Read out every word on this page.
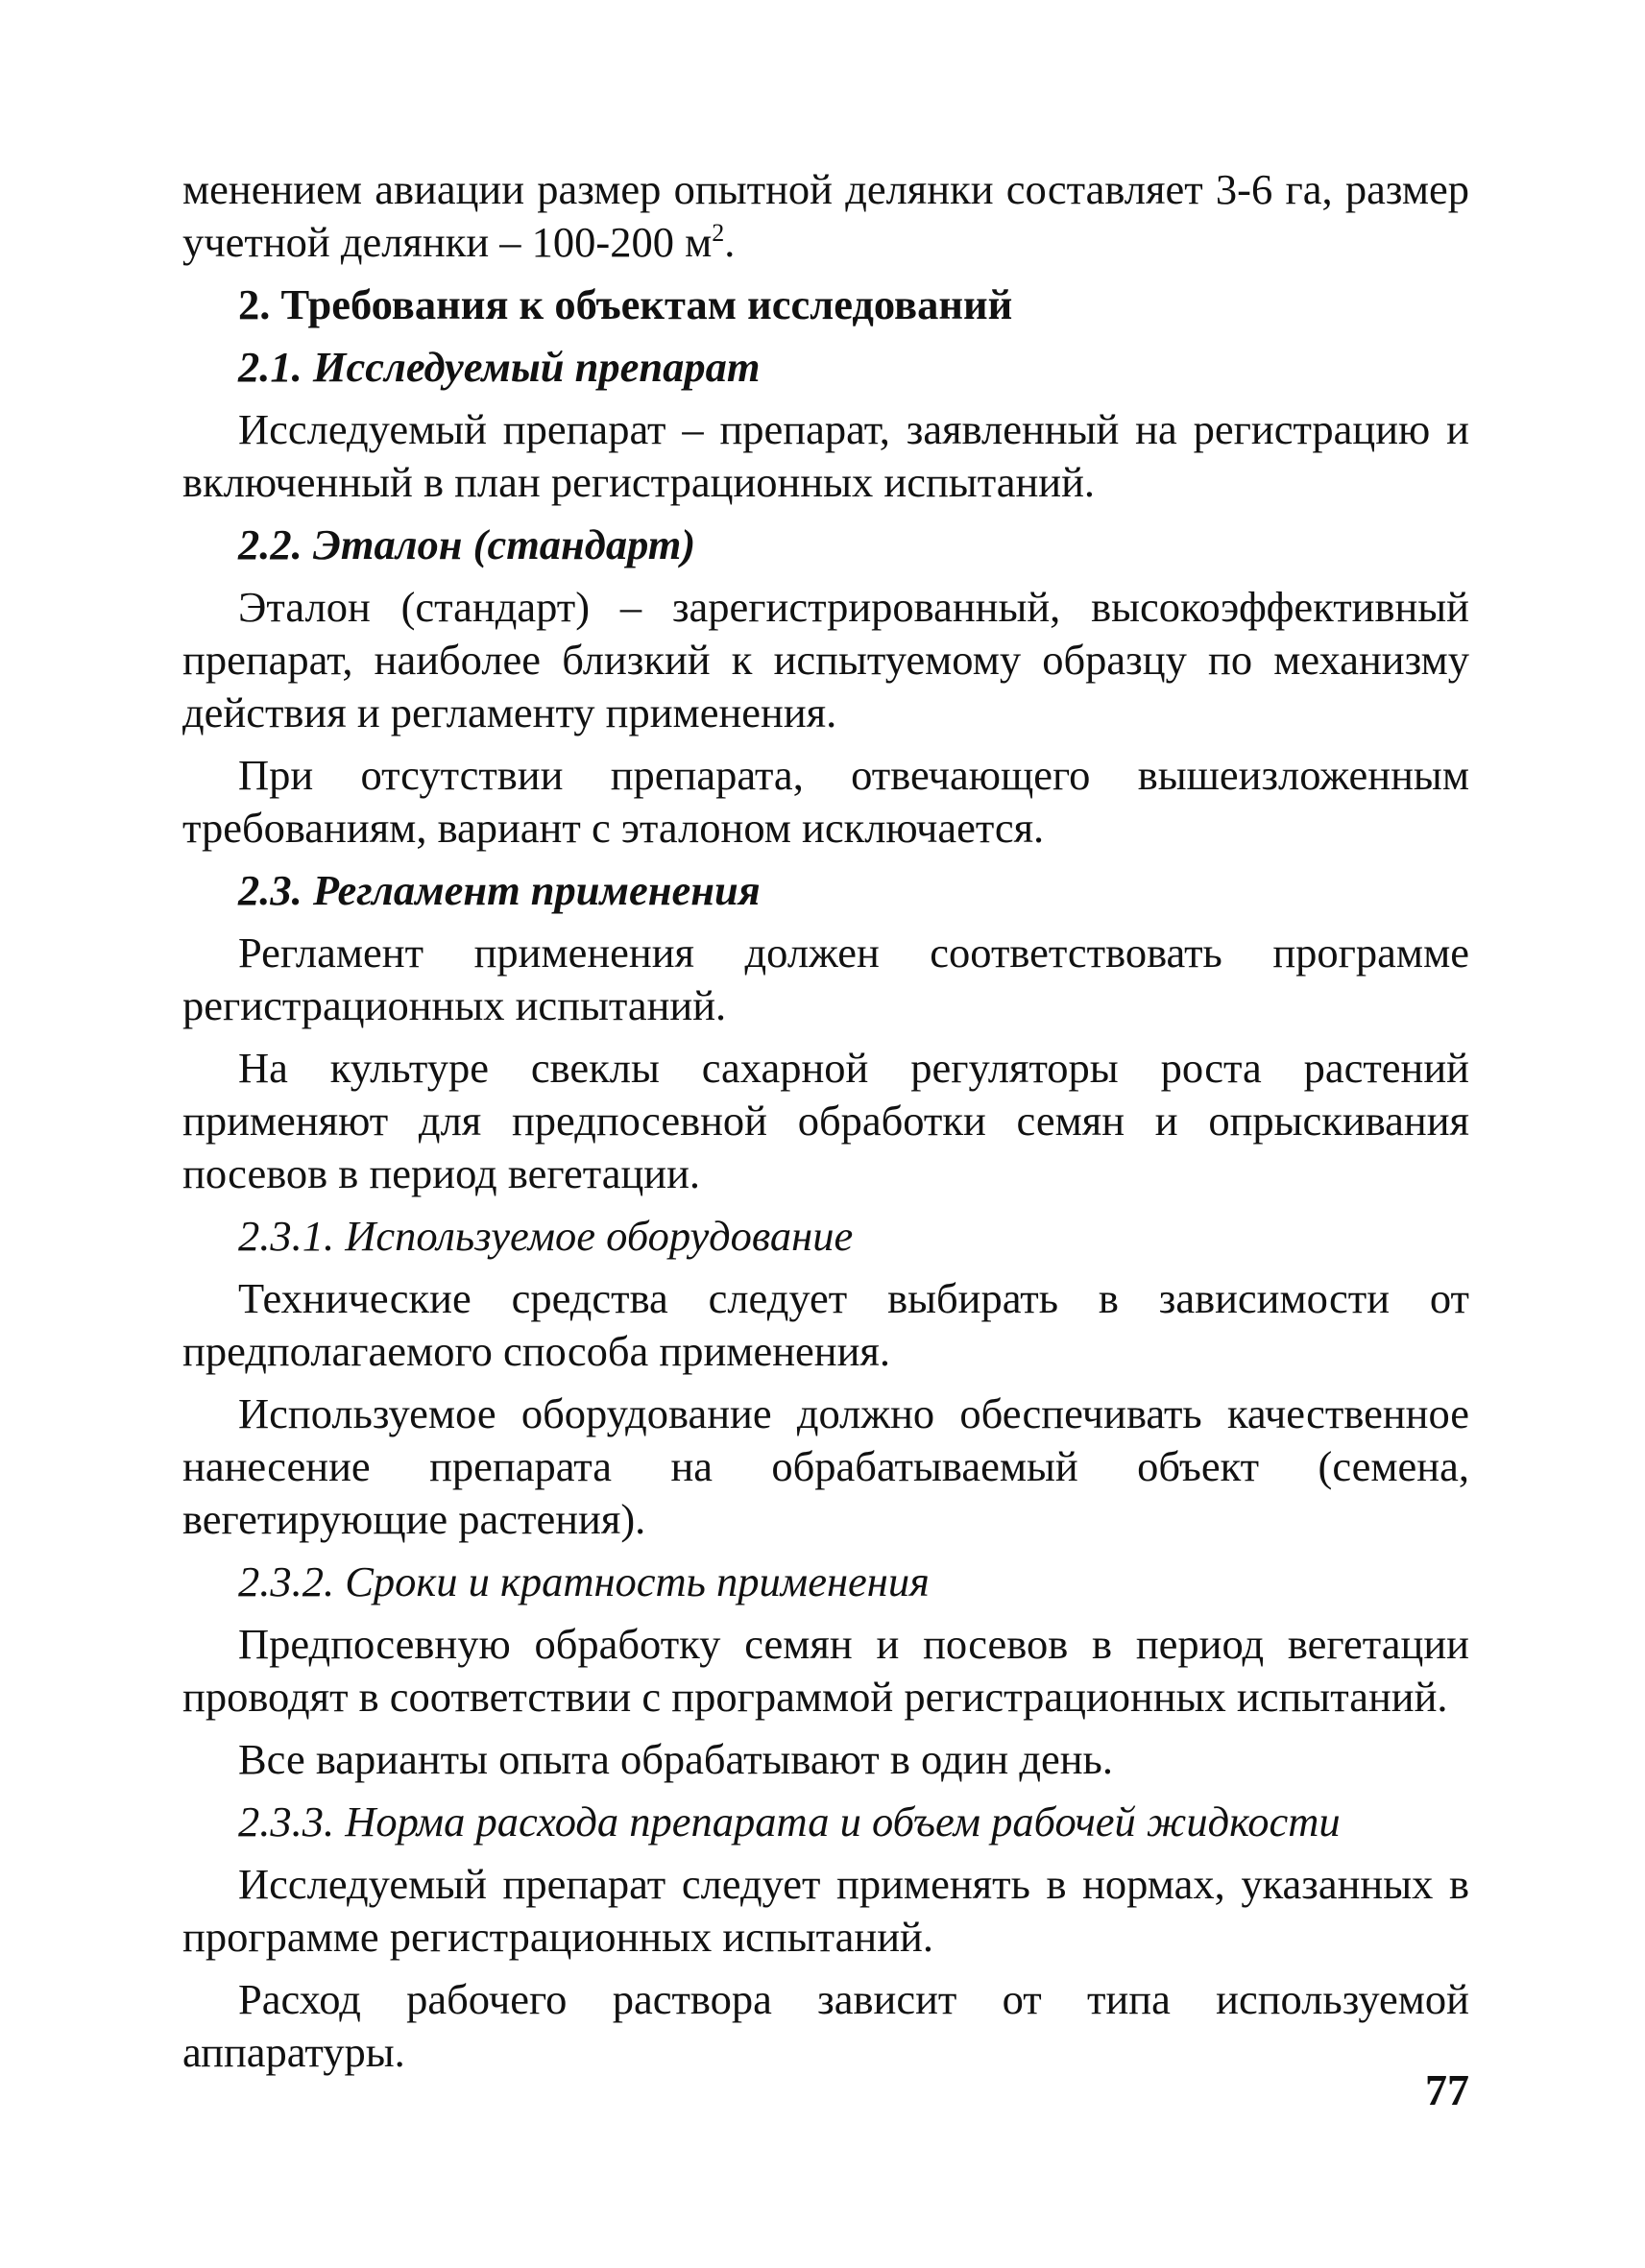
менением авиации размер опытной делянки составляет 3-6 га, размер учетной делянки – 100-200 $м^2$.

2. Требования к объектам исследований
2.1. Исследуемый препарат

Исследуемый препарат – препарат, заявленный на регистрацию и включенный в план регистрационных испытаний.

2.2. Эталон (стандарт)

Эталон (стандарт) – зарегистрированный, высокоэффективный препарат, наиболее близкий к испытуемому образцу по механизму действия и регламенту применения.

При отсутствии препарата, отвечающего вышеизложенным требованиям, вариант с эталоном исключается.

2.3. Регламент применения

Регламент применения должен соответствовать программе регистрационных испытаний.

На культуре свеклы сахарной регуляторы роста растений применяют для предпосевной обработки семян и опрыскивания посевов в период вегетации.

2.3.1. Используемое оборудование

Технические средства следует выбирать в зависимости от предполагаемого способа применения.

Используемое оборудование должно обеспечивать качественное нанесение препарата на обрабатываемый объект (семена, вегетирующие растения).

2.3.2. Сроки и кратность применения

Предпосевную обработку семян и посевов в период вегетации проводят в соответствии с программой регистрационных испытаний.

Все варианты опыта обрабатывают в один день.

2.3.3. Норма расхода препарата и объем рабочей жидкости

Исследуемый препарат следует применять в нормах, указанных в программе регистрационных испытаний.

Расход рабочего раствора зависит от типа используемой аппаратуры.

77
